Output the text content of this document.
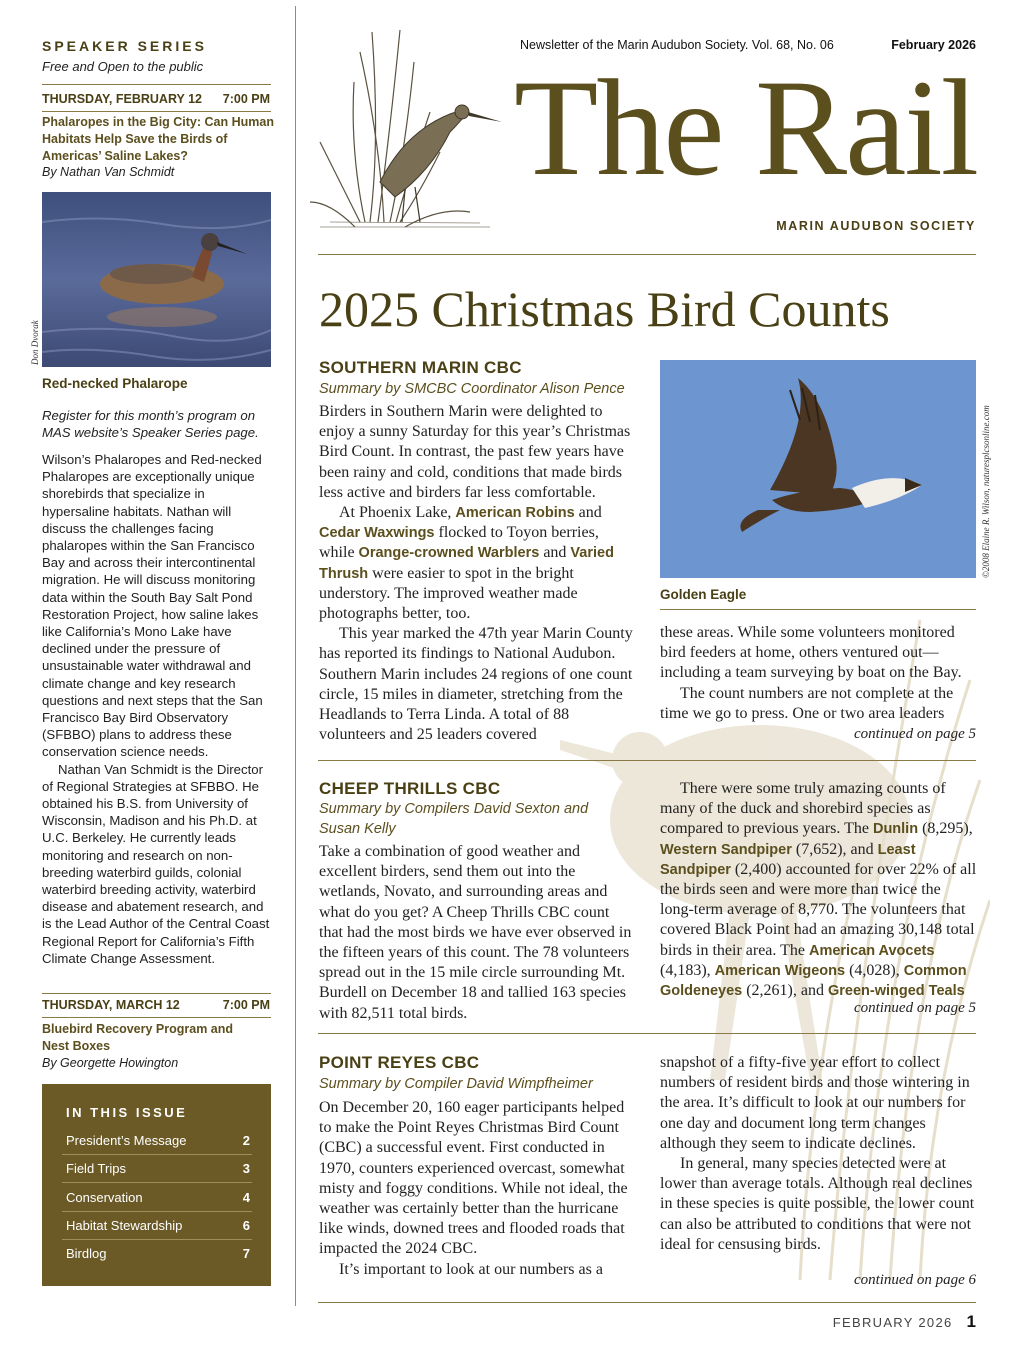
SPEAKER SERIES
Free and Open to the public
THURSDAY, FEBRUARY 12 7:00 PM
Phalaropes in the Big City: Can Human Habitats Help Save the Birds of Americas’ Saline Lakes?
By Nathan Van Schmidt
Don Dvorak
Red-necked Phalarope
Register for this month’s program on MAS website’s Speaker Series page.
Wilson’s Phalaropes and Red-necked Phalaropes are exceptionally unique shorebirds that specialize in hypersaline habitats. Nathan will discuss the challenges facing phalaropes within the San Francisco Bay and across their intercontinental migration. He will discuss monitoring data within the South Bay Salt Pond Restoration Project, how saline lakes like California’s Mono Lake have declined under the pressure of unsustainable water withdrawal and climate change and key research questions and next steps that the San Francisco Bay Bird Observatory (SFBBO) plans to address these conservation science needs.
Nathan Van Schmidt is the Director of Regional Strategies at SFBBO. He obtained his B.S. from University of Wisconsin, Madison and his Ph.D. at U.C. Berkeley. He currently leads monitoring and research on non-breeding waterbird guilds, colonial waterbird breeding activity, waterbird disease and abatement research, and is the Lead Author of the Central Coast Regional Report for California’s Fifth Climate Change Assessment.
THURSDAY, MARCH 12	7:00 PM
Bluebird Recovery Program and Nest Boxes
By Georgette Howington
IN THIS ISSUE
President’s Message	2
Field Trips	3
Conservation	4
Habitat Stewardship	6
Birdlog	7
Newsletter of the Marin Audubon Society. Vol. 68, No. 06	February 2026
The Rail
MARIN AUDUBON SOCIETY
2025 Christmas Bird Counts
SOUTHERN MARIN CBC
Summary by SMCBC Coordinator Alison Pence

Birders in Southern Marin were delighted to enjoy a sunny Saturday for this year’s Christmas Bird Count. In contrast, the past few years have been rainy and cold, conditions that made birds less active and birders far less comfortable.

At Phoenix Lake, American Robins and Cedar Waxwings flocked to Toyon berries, while Orange-crowned Warblers and Varied Thrush were easier to spot in the bright understory. The improved weather made photographs better, too.

This year marked the 47th year Marin County has reported its findings to National Audubon. Southern Marin includes 24 regions of one count circle, 15 miles in diameter, stretching from the Headlands to Terra Linda. A total of 88 volunteers and 25 leaders covered

©2008 Elaine R. Wilson, naturesplcsonline.com
Golden Eagle

these areas. While some volunteers monitored bird feeders at home, others ventured out—including a team surveying by boat on the Bay.

The count numbers are not complete at the time we go to press. One or two area leaders

continued on page 5
CHEEP THRILLS CBC
Summary by Compilers David Sexton and Susan Kelly

Take a combination of good weather and excellent birders, send them out into the wetlands, Novato, and surrounding areas and what do you get? A Cheep Thrills CBC count that had the most birds we have ever observed in the fifteen years of this count. The 78 volunteers spread out in the 15 mile circle surrounding Mt. Burdell on December 18 and tallied 163 species with 82,511 total birds.

There were some truly amazing counts of many of the duck and shorebird species as compared to previous years. The Dunlin (8,295), Western Sandpiper (7,652), and Least Sandpiper (2,400) accounted for over 22% of all the birds seen and were more than twice the long-term average of 8,770. The volunteers that covered Black Point had an amazing 30,148 total birds in their area. The American Avocets (4,183), American Wigeons (4,028), Common Goldeneyes (2,261), and Green-winged Teals

continued on page 5
POINT REYES CBC
Summary by Compiler David Wimpfheimer

On December 20, 160 eager participants helped to make the Point Reyes Christmas Bird Count (CBC) a successful event. First conducted in 1970, counters experienced overcast, somewhat misty and foggy conditions. While not ideal, the weather was certainly better than the hurricane like winds, downed trees and flooded roads that impacted the 2024 CBC.

It’s important to look at our numbers as a

snapshot of a fifty-five year effort to collect numbers of resident birds and those wintering in the area. It’s difficult to look at our numbers for one day and document long term changes although they seem to indicate declines.

In general, many species detected were at lower than average totals. Although real declines in these species is quite possible, the lower count can also be attributed to conditions that were not ideal for censusing birds.

continued on page 6
FEBRUARY 2026 1
